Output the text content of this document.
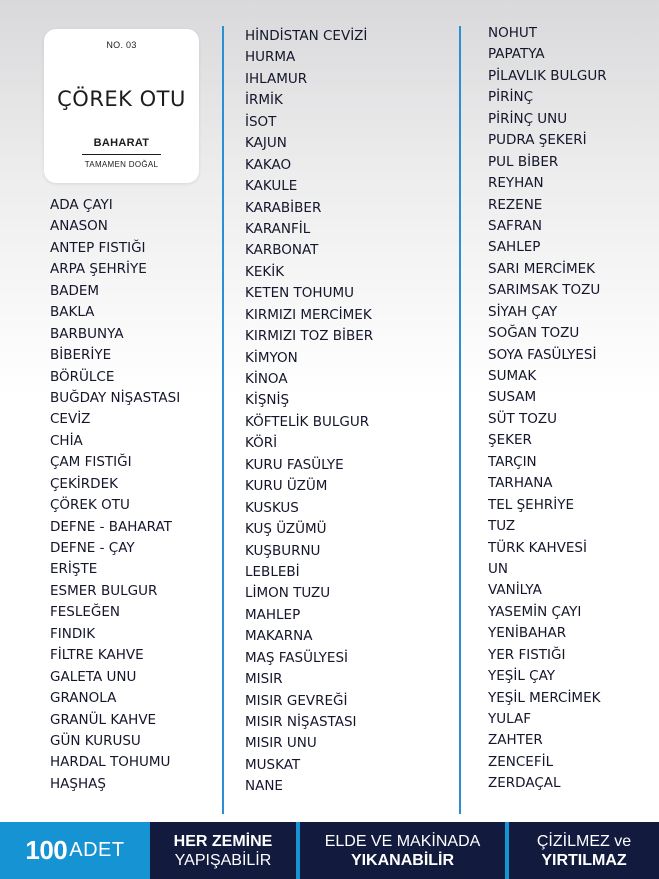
NO. 03
ÇÖREK OTU
BAHARAT
TAMAMEN DOĞAL
ADA ÇAYI
ANASON
ANTEP FISTIĞI
ARPA ŞEHRİYE
BADEM
BAKLA
BARBUNYA
BİBERİYE
BÖRÜLCE
BUĞDAY NİŞASTASI
CEVİZ
CHİA
ÇAM FISTIĞI
ÇEKİRDEK
ÇÖREK OTU
DEFNE - BAHARAT
DEFNE - ÇAY
ERİŞTE
ESMER BULGUR
FESLEĞEN
FINDIK
FİLTRE KAHVE
GALETA UNU
GRANOLA
GRANÜL KAHVE
GÜN KURUSU
HARDAL TOHUMU
HAŞHAŞ
HİNDİSTAN CEVİZİ
HURMA
IHLAMUR
İRMİK
İSOT
KAJUN
KAKAO
KAKULE
KARABİBER
KARANFİL
KARBONAT
KEKİK
KETEN TOHUMU
KIRMIZI MERCİMEK
KIRMIZI TOZ BİBER
KİMYON
KİNOA
KİŞNİŞ
KÖFTELİK BULGUR
KÖRİ
KURU FASÜLYE
KURU ÜZÜM
KUSKUS
KUŞ ÜZÜMÜ
KUŞBURNU
LEBLEBİ
LİMON TUZU
MAHLEP
MAKARNA
MAŞ FASÜLYESİ
MISIR
MISIR GEVREĞİ
MISIR NİŞASTASI
MISIR UNU
MUSKAT
NANE
NOHUT
PAPATYA
PİLAVLIK BULGUR
PİRİNÇ
PİRİNÇ UNU
PUDRA ŞEKERİ
PUL BİBER
REYHAN
REZENE
SAFRAN
SAHLEP
SARI MERCİMEK
SARIMSAK TOZU
SİYAH ÇAY
SOĞAN TOZU
SOYA FASÜLYESİ
SUMAK
SUSAM
SÜT TOZU
ŞEKER
TARÇIN
TARHANA
TEL ŞEHRİYE
TUZ
TÜRK KAHVESİ
UN
VANİLYA
YASEMİN ÇAYI
YENİBAHAR
YER FISTIĞI
YEŞİL ÇAY
YEŞİL MERCİMEK
YULAF
ZAHTER
ZENCEFİL
ZERDAÇAL
100 ADET	HER ZEMİNE
YAPIŞABİLİR
ELDE VE MAKİNADA
YIKANABİLİR
ÇİZİLMEZ ve
YIRTILMAZ
